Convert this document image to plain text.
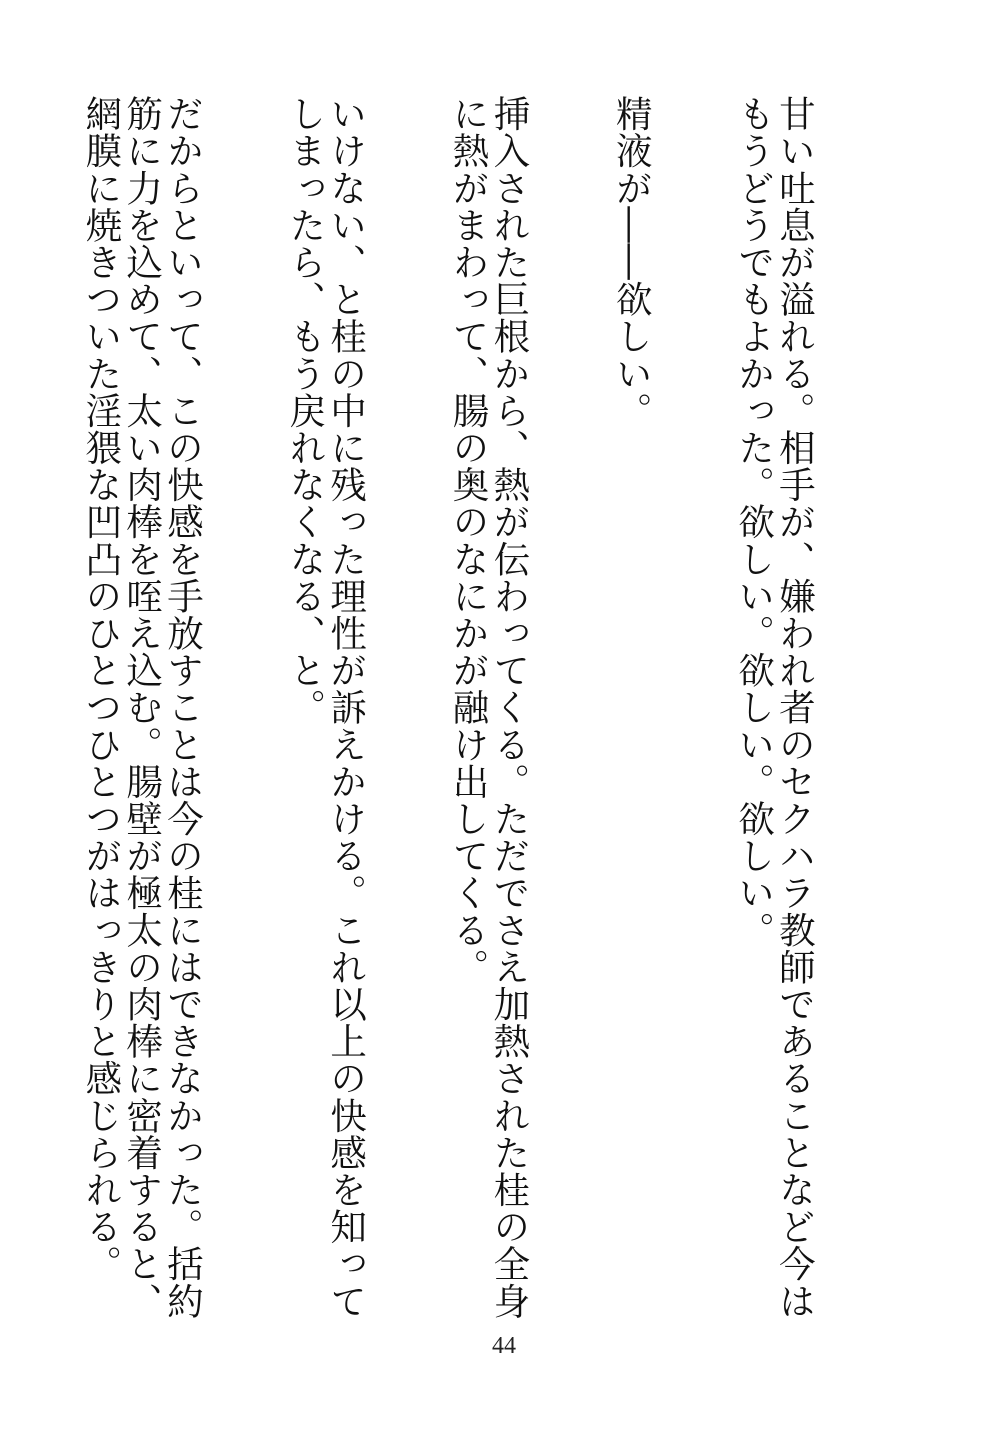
甘い吐息が溢れる。相手が、嫌われ者のセクハラ教師であることなど今はもうどうでもよかった。欲しい。欲しい。欲しい。

精液が――欲しい。

挿入された巨根から、熱が伝わってくる。ただでさえ加熱された桂の全身に熱がまわって、腸の奥のなにかが融け出してくる。

いけない、と桂の中に残った理性が訴えかける。これ以上の快感を知ってしまったら、もう戻れなくなる、と。

だからといって、この快感を手放すことは今の桂にはできなかった。括約筋に力を込めて、太い肉棒を咥え込む。腸壁が極太の肉棒に密着すると、網膜に焼きついた淫猥な凹凸のひとつひとつがはっきりと感じられる。

44
